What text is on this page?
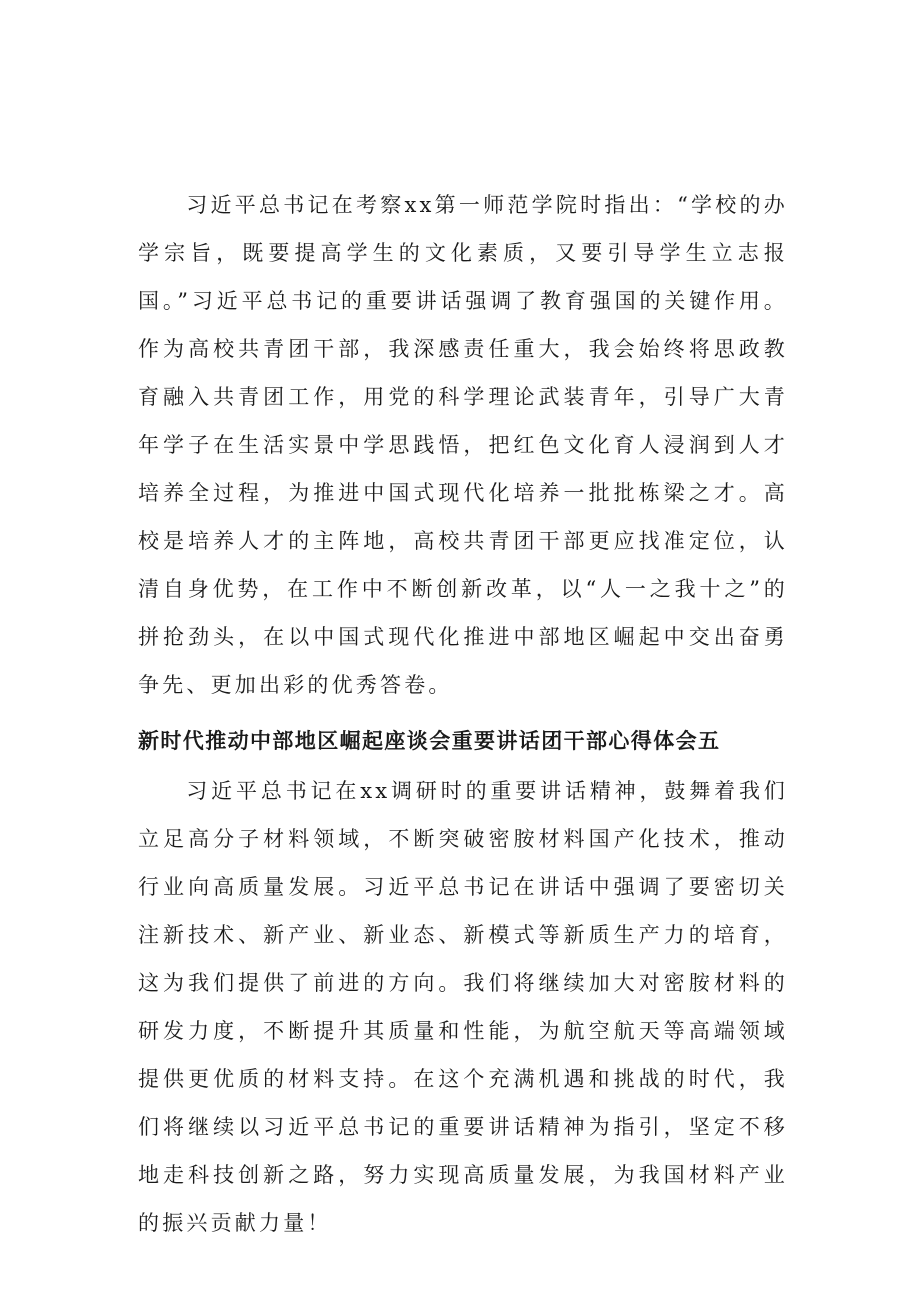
习近平总书记在考察xx第一师范学院时指出：“学校的办学宗旨，既要提高学生的文化素质，又要引导学生立志报国。”习近平总书记的重要讲话强调了教育强国的关键作用。作为高校共青团干部，我深感责任重大，我会始终将思政教育融入共青团工作，用党的科学理论武装青年，引导广大青年学子在生活实景中学思践悟，把红色文化育人浸润到人才培养全过程，为推进中国式现代化培养一批批栋梁之才。高校是培养人才的主阵地，高校共青团干部更应找准定位，认清自身优势，在工作中不断创新改革，以“人一之我十之”的拼抢劲头，在以中国式现代化推进中部地区崛起中交出奋勇争先、更加出彩的优秀答卷。

新时代推动中部地区崛起座谈会重要讲话团干部心得体会五

习近平总书记在xx调研时的重要讲话精神，鼓舞着我们立足高分子材料领域，不断突破密胺材料国产化技术，推动行业向高质量发展。习近平总书记在讲话中强调了要密切关注新技术、新产业、新业态、新模式等新质生产力的培育，这为我们提供了前进的方向。我们将继续加大对密胺材料的研发力度，不断提升其质量和性能，为航空航天等高端领域提供更优质的材料支持。在这个充满机遇和挑战的时代，我们将继续以习近平总书记的重要讲话精神为指引，坚定不移地走科技创新之路，努力实现高质量发展，为我国材料产业的振兴贡献力量！
